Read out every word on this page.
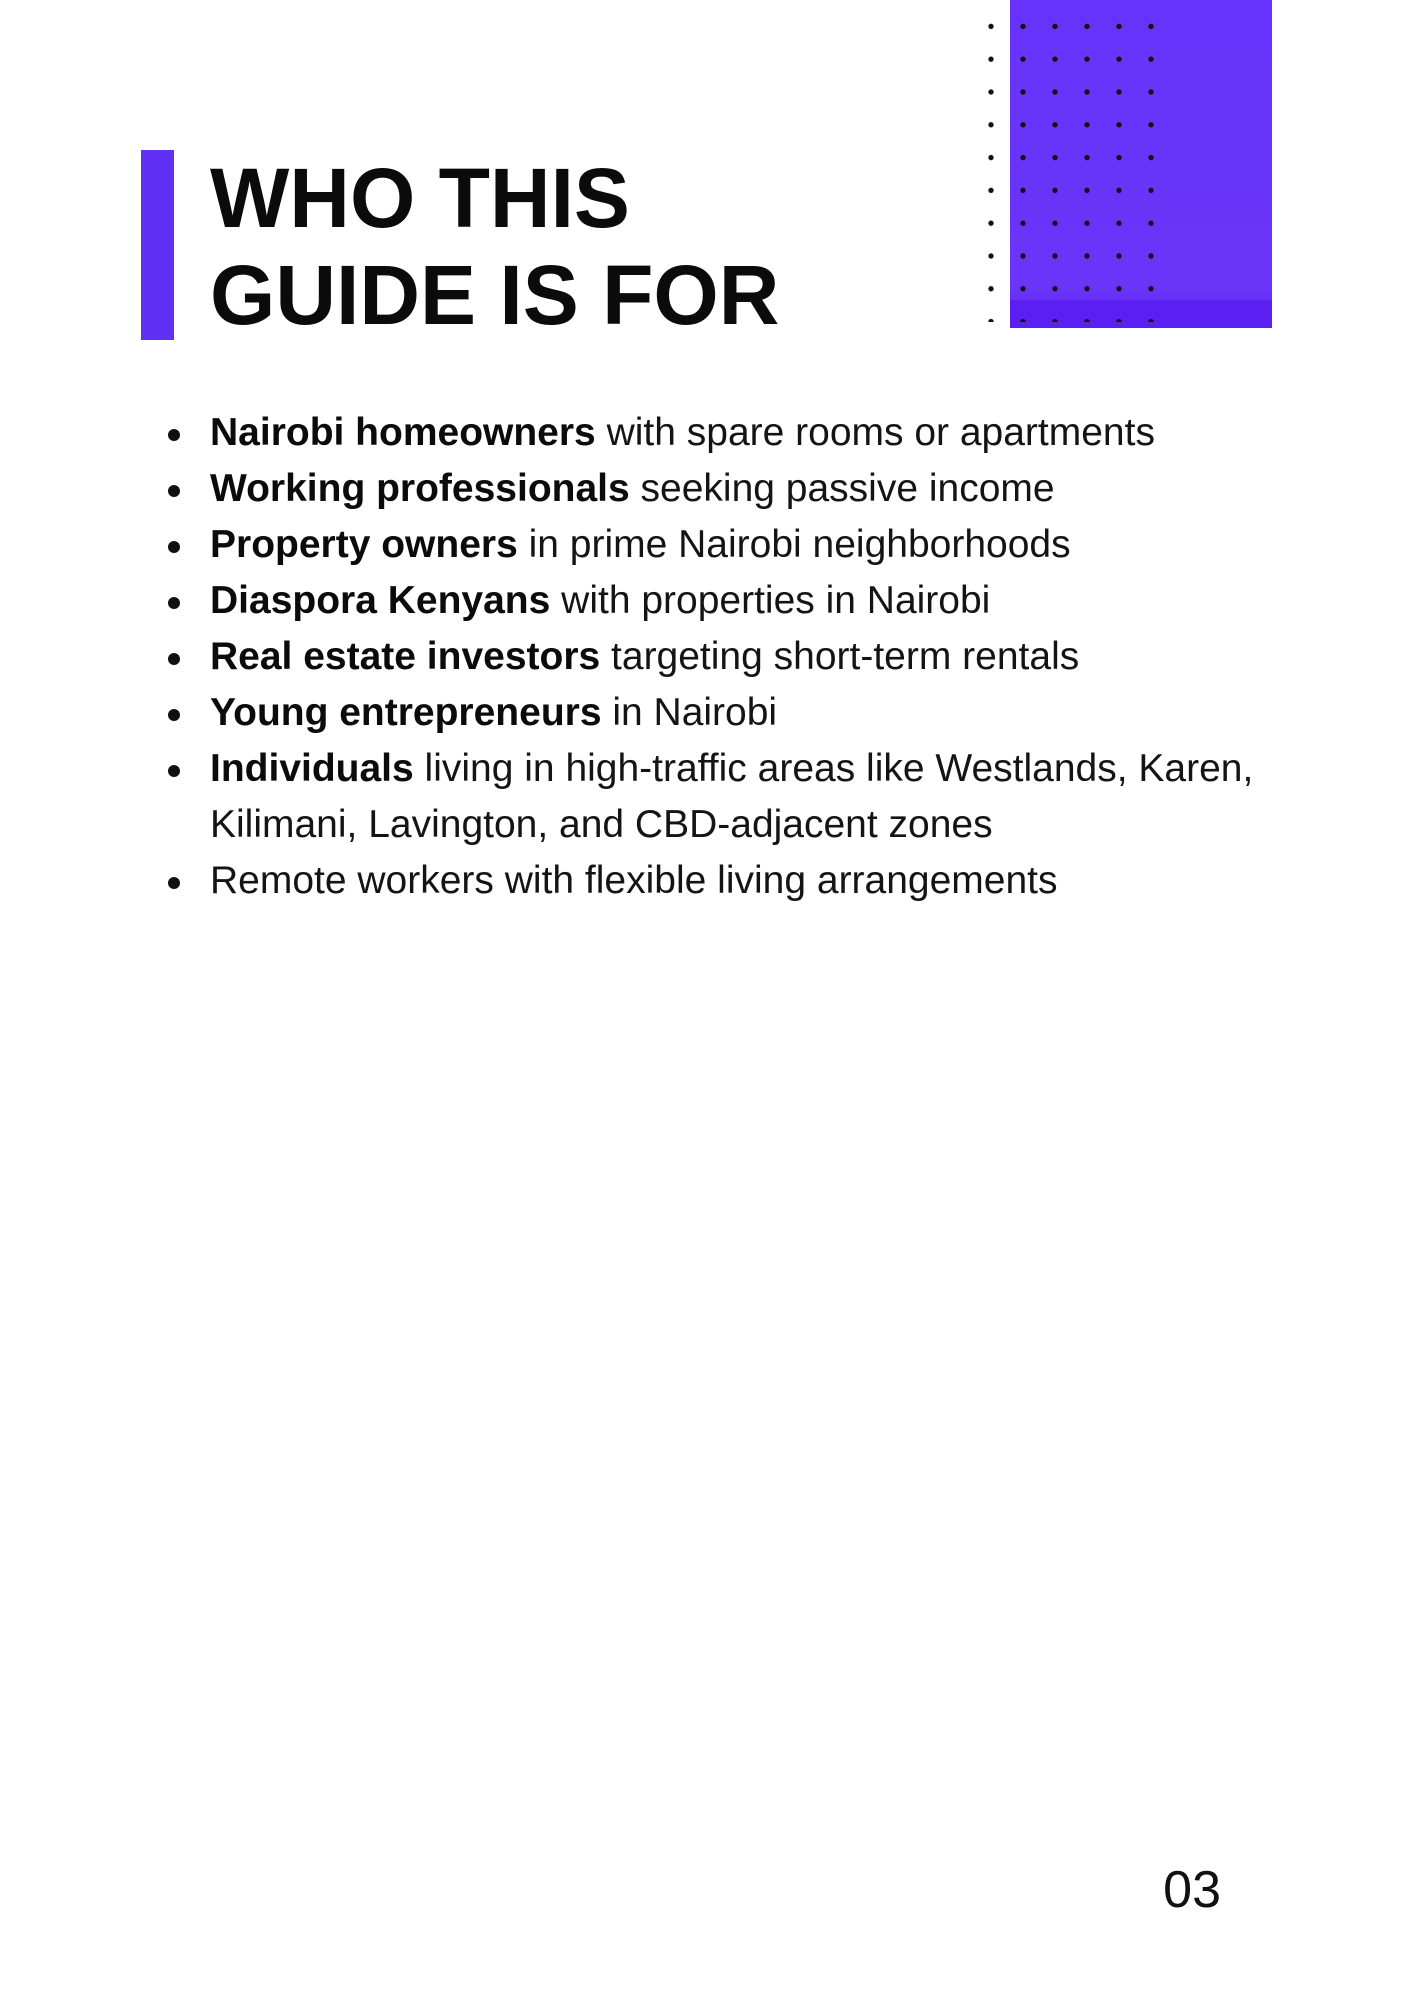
WHO THIS
GUIDE IS FOR
Nairobi homeowners with spare rooms or apartments
Working professionals seeking passive income
Property owners in prime Nairobi neighborhoods
Diaspora Kenyans with properties in Nairobi
Real estate investors targeting short-term rentals
Young entrepreneurs in Nairobi
Individuals living in high-traffic areas like Westlands, Karen, Kilimani, Lavington, and CBD-adjacent zones
Remote workers with flexible living arrangements
03
